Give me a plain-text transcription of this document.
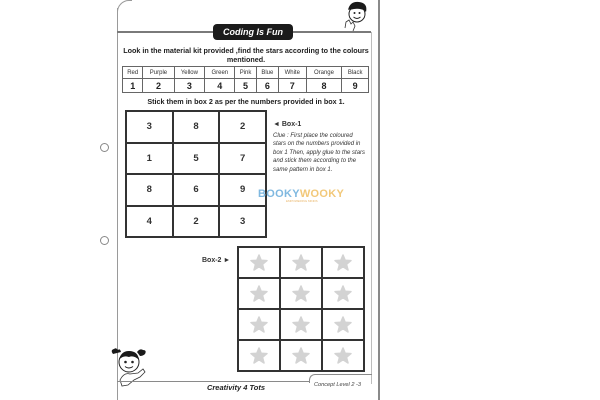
Coding Is Fun
Look in the material kit provided ,find the stars according to the colours mentioned.
Red	Purple	Yellow	Green	Pink	Blue	White	Orange	Black
1	2	3	4	5	6	7	8	9
Stick them in box 2 as per the numbers provided in box 1.
3	8	2
1	5	7
8	6	9
4	2	3
◄ Box-1
Clue : First place the coloured stars on the numbers provided in box 1 Then, apply glue to the stars and stick them according to the same pattern in box 1.
BOOKYWOOKY
EMPOWERING MINDS
Box-2 ►
Creativity 4 Tots	Concept Level 2 -3
